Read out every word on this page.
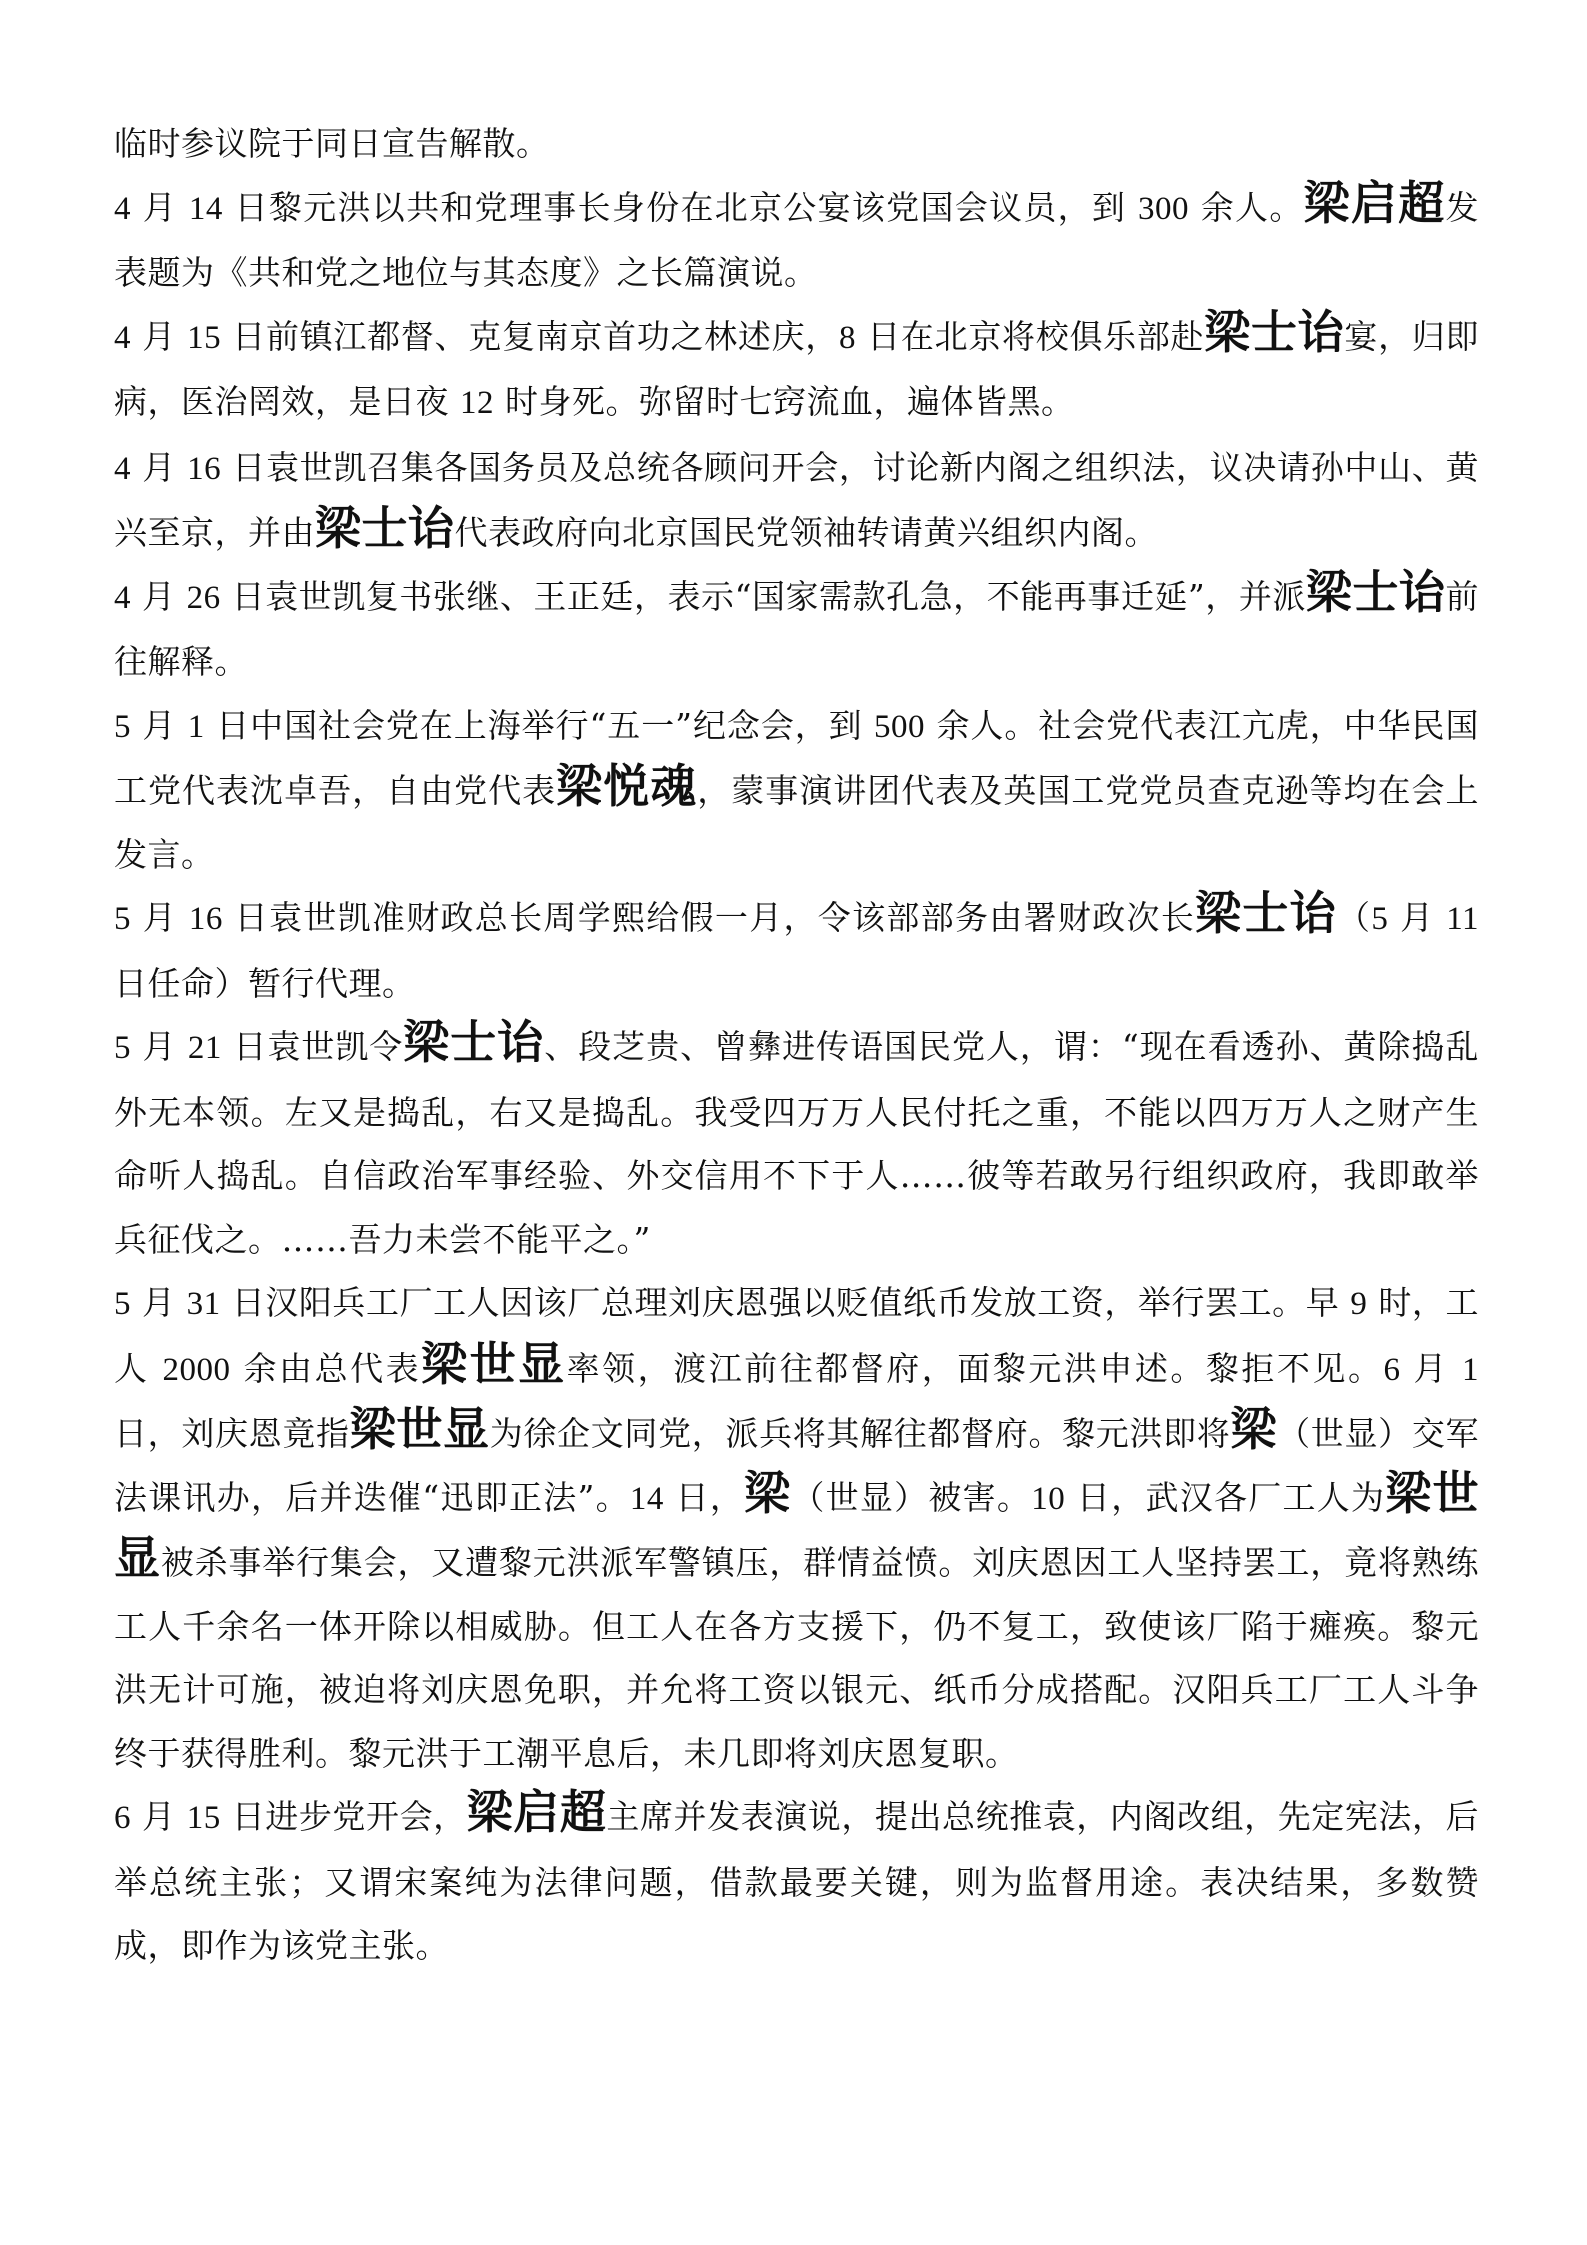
临时参议院于同日宣告解散。

4 月 14 日黎元洪以共和党理事长身份在北京公宴该党国会议员，到 300 余人。梁启超发表题为《共和党之地位与其态度》之长篇演说。

4 月 15 日前镇江都督、克复南京首功之林述庆，8 日在北京将校俱乐部赴梁士诒宴，归即病，医治罔效，是日夜 12 时身死。弥留时七窍流血，遍体皆黑。

4 月 16 日袁世凯召集各国务员及总统各顾问开会，讨论新内阁之组织法，议决请孙中山、黄兴至京，并由梁士诒代表政府向北京国民党领袖转请黄兴组织内阁。

4 月 26 日袁世凯复书张继、王正廷，表示“国家需款孔急，不能再事迁延”，并派梁士诒前往解释。

5 月 1 日中国社会党在上海举行“五一”纪念会，到 500 余人。社会党代表江亢虎，中华民国工党代表沈卓吾，自由党代表梁悦魂，蒙事演讲团代表及英国工党党员查克逊等均在会上发言。

5 月 16 日袁世凯准财政总长周学熙给假一月，令该部部务由署财政次长梁士诒（5 月 11 日任命）暂行代理。

5 月 21 日袁世凯令梁士诒、段芝贵、曾彝进传语国民党人，谓：“现在看透孙、黄除捣乱外无本领。左又是捣乱，右又是捣乱。我受四万万人民付托之重，不能以四万万人之财产生命听人捣乱。自信政治军事经验、外交信用不下于人……彼等若敢另行组织政府，我即敢举兵征伐之。……吾力未尝不能平之。”

5 月 31 日汉阳兵工厂工人因该厂总理刘庆恩强以贬值纸币发放工资，举行罢工。早 9 时，工人 2000 余由总代表梁世显率领，渡江前往都督府，面黎元洪申述。黎拒不见。6 月 1 日，刘庆恩竟指梁世显为徐企文同党，派兵将其解往都督府。黎元洪即将梁（世显）交军法课讯办，后并迭催“迅即正法”。14 日，梁（世显）被害。10 日，武汉各厂工人为梁世显被杀事举行集会，又遭黎元洪派军警镇压，群情益愤。刘庆恩因工人坚持罢工，竟将熟练工人千余名一体开除以相威胁。但工人在各方支援下，仍不复工，致使该厂陷于瘫痪。黎元洪无计可施，被迫将刘庆恩免职，并允将工资以银元、纸币分成搭配。汉阳兵工厂工人斗争终于获得胜利。黎元洪于工潮平息后，未几即将刘庆恩复职。

6 月 15 日进步党开会，梁启超主席并发表演说，提出总统推袁，内阁改组，先定宪法，后举总统主张；又谓宋案纯为法律问题，借款最要关键，则为监督用途。表决结果，多数赞成，即作为该党主张。
